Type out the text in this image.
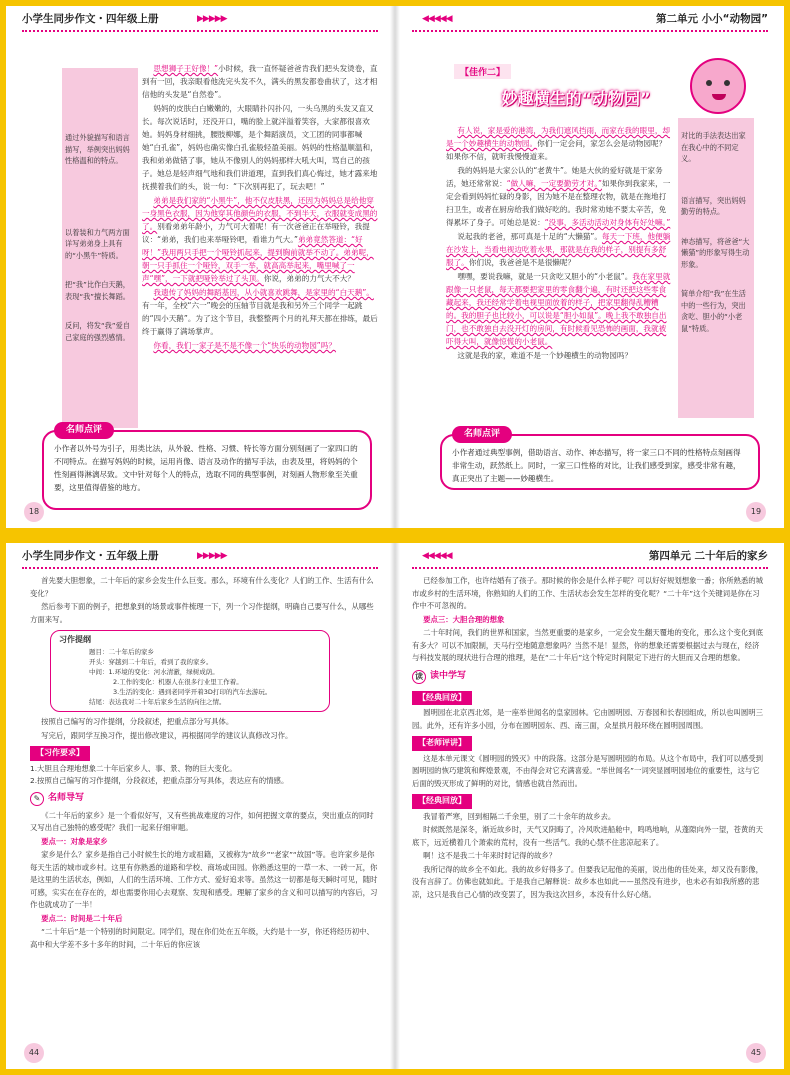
小学生同步作文・四年级上册	▶▶▶▶▶

通过外貌描写和语言描写，举例突出妈妈性格温和的特点。

以着装和力气两方面详写弟弟身上具有的“小黑牛”特质。

把“我”比作白天鹅，表现“我”擅长舞蹈。

反问，将发“我”爱自己家庭的强烈感情。

思想狮子王好像！”小时候，我一直怀疑爸爸肯我们把头发烫卷，直到有一回，我亲眼看他洗完头发不久，满头的黑发都卷曲状了，这才相信他的头发是“自然卷”。

妈妈的皮肤白白嫩嫩的，大眼睛扑闪扑闪，一头乌黑的头发又直又长。每次说话时，还没开口，嘴的脸上就洋溢着笑容，大家都很喜欢她。妈妈身材细挑，腰肢柳娜，是个舞蹈演员，文工团的同事都喊她“白孔雀”，妈妈也确实像白孔雀般轻盈美丽。妈妈的性格温顺温和，我和弟弟做错了事，她从不像别人的妈妈那样大吼大叫，骂自己的孩子。她总是轻声细气地和我们讲道理，直到我们真心悔过，她才露来地抚摸着我们的头，说一句：“下次别再犯了，玩去吧！”

弟弟是我们家的“小黑牛”，他不仅皮肤黑，还因为妈妈总是给他穿一身黑色衣服，因为他穿其他颜色的衣服，不到半天，衣服就变成黑的了。别看弟弟年龄小，力气可大着呢！有一次爸爸正在举哑铃，我提议：“弟弟，我们也来举哑铃吧，看谁力气大。”弟弟竟然答道：“好呀！”我用两只手把一个哑铃抓起来，提到胸前就举不动了。弟弟呢，朝一只手抓住一个哑铃，双手一举，就高高举起来，嘴里喊了一声“嘿”，一下就把哑铃举过了头顶。你说，弟弟的力气大不大？

我遗传了妈妈的舞蹈基因，从小就喜欢跳舞，是家里的“白天鹅”。有一年，全校“六一”晚会的压轴节目就是我和另外三个同学一起跳的“四小天鹅”。为了这个节目，我整整两个月的礼拜天都在排练，最后终于赢得了满场掌声。

你看，我们一家子是不是不像一个“快乐的动物园”吗？

名师点评
小作者以外号为引子，用类比法，从外貌、性格、习惯、特长等方面分别刻画了一家四口的不同特点。在描写妈妈的时候，运用肖像、语言及动作的描写手法，由表及里，将妈妈的个性刻画得淋漓尽致。文中针对每个人的特点，选取不同的典型事例，对刻画人物形象至关重要，这里值得借鉴的地方。
18
◀◀◀◀◀	第二单元 小小“动物园”
【佳作二】
妙趣横生的“动物园”

有人说，家是爱的港湾，为我们遮风挡雨，而家在我的眼里，却是一个妙趣横生的动物园。你们一定会问，家怎么会是动物园呢？如果你不信，就听我慢慢道来。

我的妈妈是大家公认的“老黄牛”。她是大伙的爱好就是干家务活，她还常常说：“做人嘛，一定要勤劳才对。”如果你到我家来，一定会看到妈妈忙碌的身影，因为她不是在整理衣物，就是在拖地打扫卫生，或者在厨房给我们做好吃的。我时常劝她不要太辛苦，免得累坏了身子。可她总是说：“没事，多活动活动对身体有好处嘛。”

说起我的老爸，那可真是十足的“大懒猫”。每天一下班，他便躺在沙发上，当看电视边吃着水果，那就是在我的样子，别提有多舒服了。你们说，我爸爸是不是很懒呢？

嘿嘿，要说我嘛，就是一只贪吃又胆小的“小老鼠”。我在家里就跟像一只老鼠，每天都要把家里的零食翻个遍，有时还把这些零食藏起来，我还经常学着电视里面放着的样子，把家里翻得乱糟糟的。我的胆子也比较小，可以说是“胆小如鼠”。晚上我不敢独自出门，也不敢独自去没开灯的房间，有时候看见恐怖的画面，我就被吓得大叫，就像惊慌的小老鼠。

这就是我的家，难道不是一个妙趣横生的动物园吗？

对比的手法表达出家在我心中的不同定义。

语言描写，突出妈妈勤劳的特点。

神态描写，将爸爸“大懒猫”的形象写得生动形象。

简单介绍“我”在生活中的一些行为，突出贪吃、胆小的“小老鼠”特质。

名师点评
小作者通过典型事例，借助语言、动作、神态描写，将一家三口不同的性格特点刻画得非常生动，跃然纸上。同时，一家三口性格的对比，让我们感受到家，感受非常有趣，真正突出了主题——妙趣横生。
19
小学生同步作文・五年级上册	▶▶▶▶▶

首先要大胆想象，二十年后的家乡会发生什么巨变。那么，环境有什么变化？人们的工作、生活有什么变化？

然后参考下面的例子，把想象到的场景或事件梳理一下，列一个习作提纲，明确自己要写什么，从哪些方面来写。

习作提纲
题目：二十年后的家乡
开头：穿越到二十年后，看到了我的家乡。
中间：1.环境的变化：河水清澈，绿树成荫。
2.工作的变化：机器人在很多行业里工作着。
3.生活的变化：遇到老同学开着3D打印的汽车去游玩。
结尾：表达我对二十年后家乡生活的向往之情。

按照自己编写的习作提纲，分段叙述，把重点部分写具体。

写完后，跟同学互换习作，提出修改建议，再根据同学的建议认真修改习作。

【习作要求】
1.大胆且合理地想象二十年后家乡人、事、景、物的巨大变化。
2.按照自己编写的习作提纲，分段叙述，把重点部分写具体，表达应有的情感。
✎ 名师导写

《二十年后的家乡》是一个看似好写，又有些挑战难度的习作，如何把握文章的要点，突出重点的同时又写出自己独特的感受呢？我们一起来仔细审题。

要点一：对象是家乡

家乡是什么？家乡是指自己小时候生长的地方或祖籍，又被称为“故乡”“老家”“故国”等。也许家乡是你每天生活的城市或乡村。这里有你熟悉的道路和学校、商场或田园。你熟悉这里的一草一木、一砖一瓦，你是这里的生活状态，例如，人们的生活环境、工作方式、爱好追求等。虽然这一切都是每天瞬时可见，随时可感，实实在在存在的，却也需要你用心去观察、发现和感受。理解了家乡的含义和可以描写的内容后，习作也就成功了一半！

要点二：时间是二十年后

“二十年后”是一个特别的时间限定。同学们，现在你们处在五年级，大约是十一岁，你还将经历初中、高中和大学差不多十多年的时间，二十年后的你应该

44
◀◀◀◀◀	第四单元 二十年后的家乡

已经参加工作，也许结婚有了孩子。那时候的你会是什么样子呢？可以好好规划想象一番；你所熟悉的城市或乡村的生活环境，你熟知的人们的工作、生活状态会发生怎样的变化呢？“二十年”这个关键词是你在习作中不可忽视的。

要点三：大胆合理的想象

二十年时间，我们的世界和国家，当然更重要的是家乡，一定会发生翻天覆地的变化，那么这个变化到底有多大？可以不加限制，天马行空地随意想象吗？当然不是！显然，你的想象还需要根据过去与现在，经济与科技发展的现状进行合理的推理，是在“二十年后”这个特定时间限定下进行的大胆而又合理的想象。

读 读中学写
【经典回放】

圆明园在北京西北郊，是一座举世闻名的皇家园林。它由圆明园、万春园和长春园组成，所以也叫圆明三园。此外，还有许多小园，分布在圆明园东、西、南三面，众星拱月般环绕在圆明园周围。

【老师评讲】

这是本单元课文《圆明园的毁灭》中的段落。这部分是写圆明园的布局。从这个布局中，我们可以感受到圆明园的恢巧建筑和辉煌景观，不由得会对它充满喜爱。“举世闻名”一词突显圆明园地位的重要性，这与它后面的毁灭形成了鲜明的对比，情感也就自然而出。

【经典回放】

我冒着严寒，回到相隔二千余里，别了二十余年的故乡去。

时候既然是深冬，渐近故乡时，天气又阴晦了，冷风吹进船舱中，鸣鸣地响，从蓬隙向外一望，苍黄的天底下，远近横着几个萧索的荒村，没有一些活气。我的心禁不住悲凉起来了。

啊！这不是我二十年来时时记得的故乡？

我所记得的故乡全不如此。我的故乡好得多了。但要我记起他的美丽，说出他的佳处来，却又没有影像，没有言辞了。仿佛也就如此。于是我自己解释说：故乡本也如此——虽然没有进步，也未必有如我所感的悲凉，这只是我自己心情的改变罢了，因为我这次回乡，本没有什么好心绪。

45
